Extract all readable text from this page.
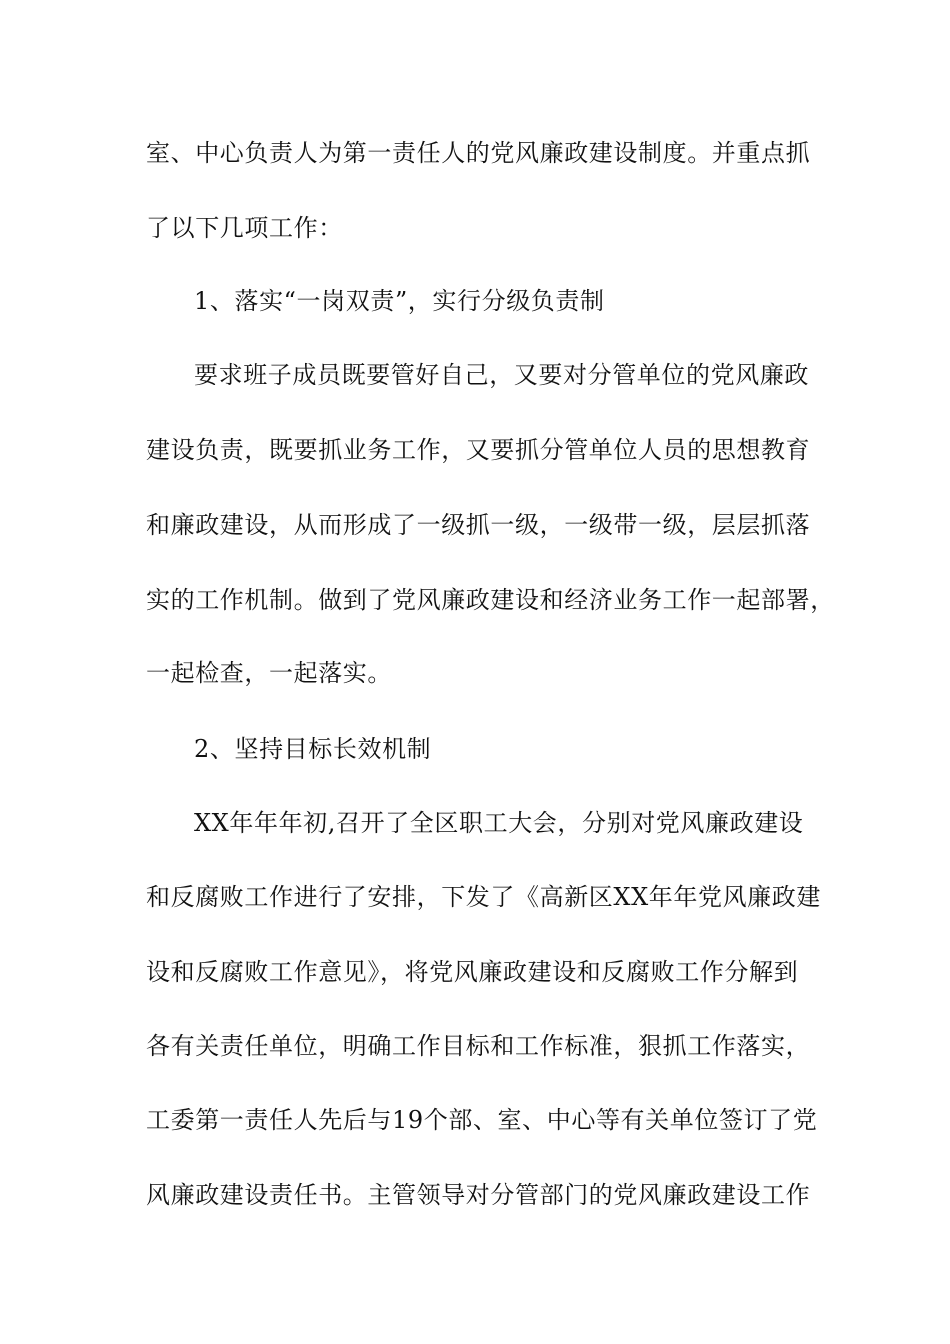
室、中心负责人为第一责任人的党风廉政建设制度。并重点抓
了以下几项工作：
1、落实“一岗双责”，实行分级负责制
要求班子成员既要管好自己，又要对分管单位的党风廉政
建设负责，既要抓业务工作，又要抓分管单位人员的思想教育
和廉政建设，从而形成了一级抓一级，一级带一级，层层抓落
实的工作机制。做到了党风廉政建设和经济业务工作一起部署，
一起检查，一起落实。
2、坚持目标长效机制
XX年年年初,召开了全区职工大会，分别对党风廉政建设
和反腐败工作进行了安排，下发了《高新区XX年年党风廉政建
设和反腐败工作意见》，将党风廉政建设和反腐败工作分解到
各有关责任单位，明确工作目标和工作标准，狠抓工作落实，
工委第一责任人先后与19个部、室、中心等有关单位签订了党
风廉政建设责任书。主管领导对分管部门的党风廉政建设工作
